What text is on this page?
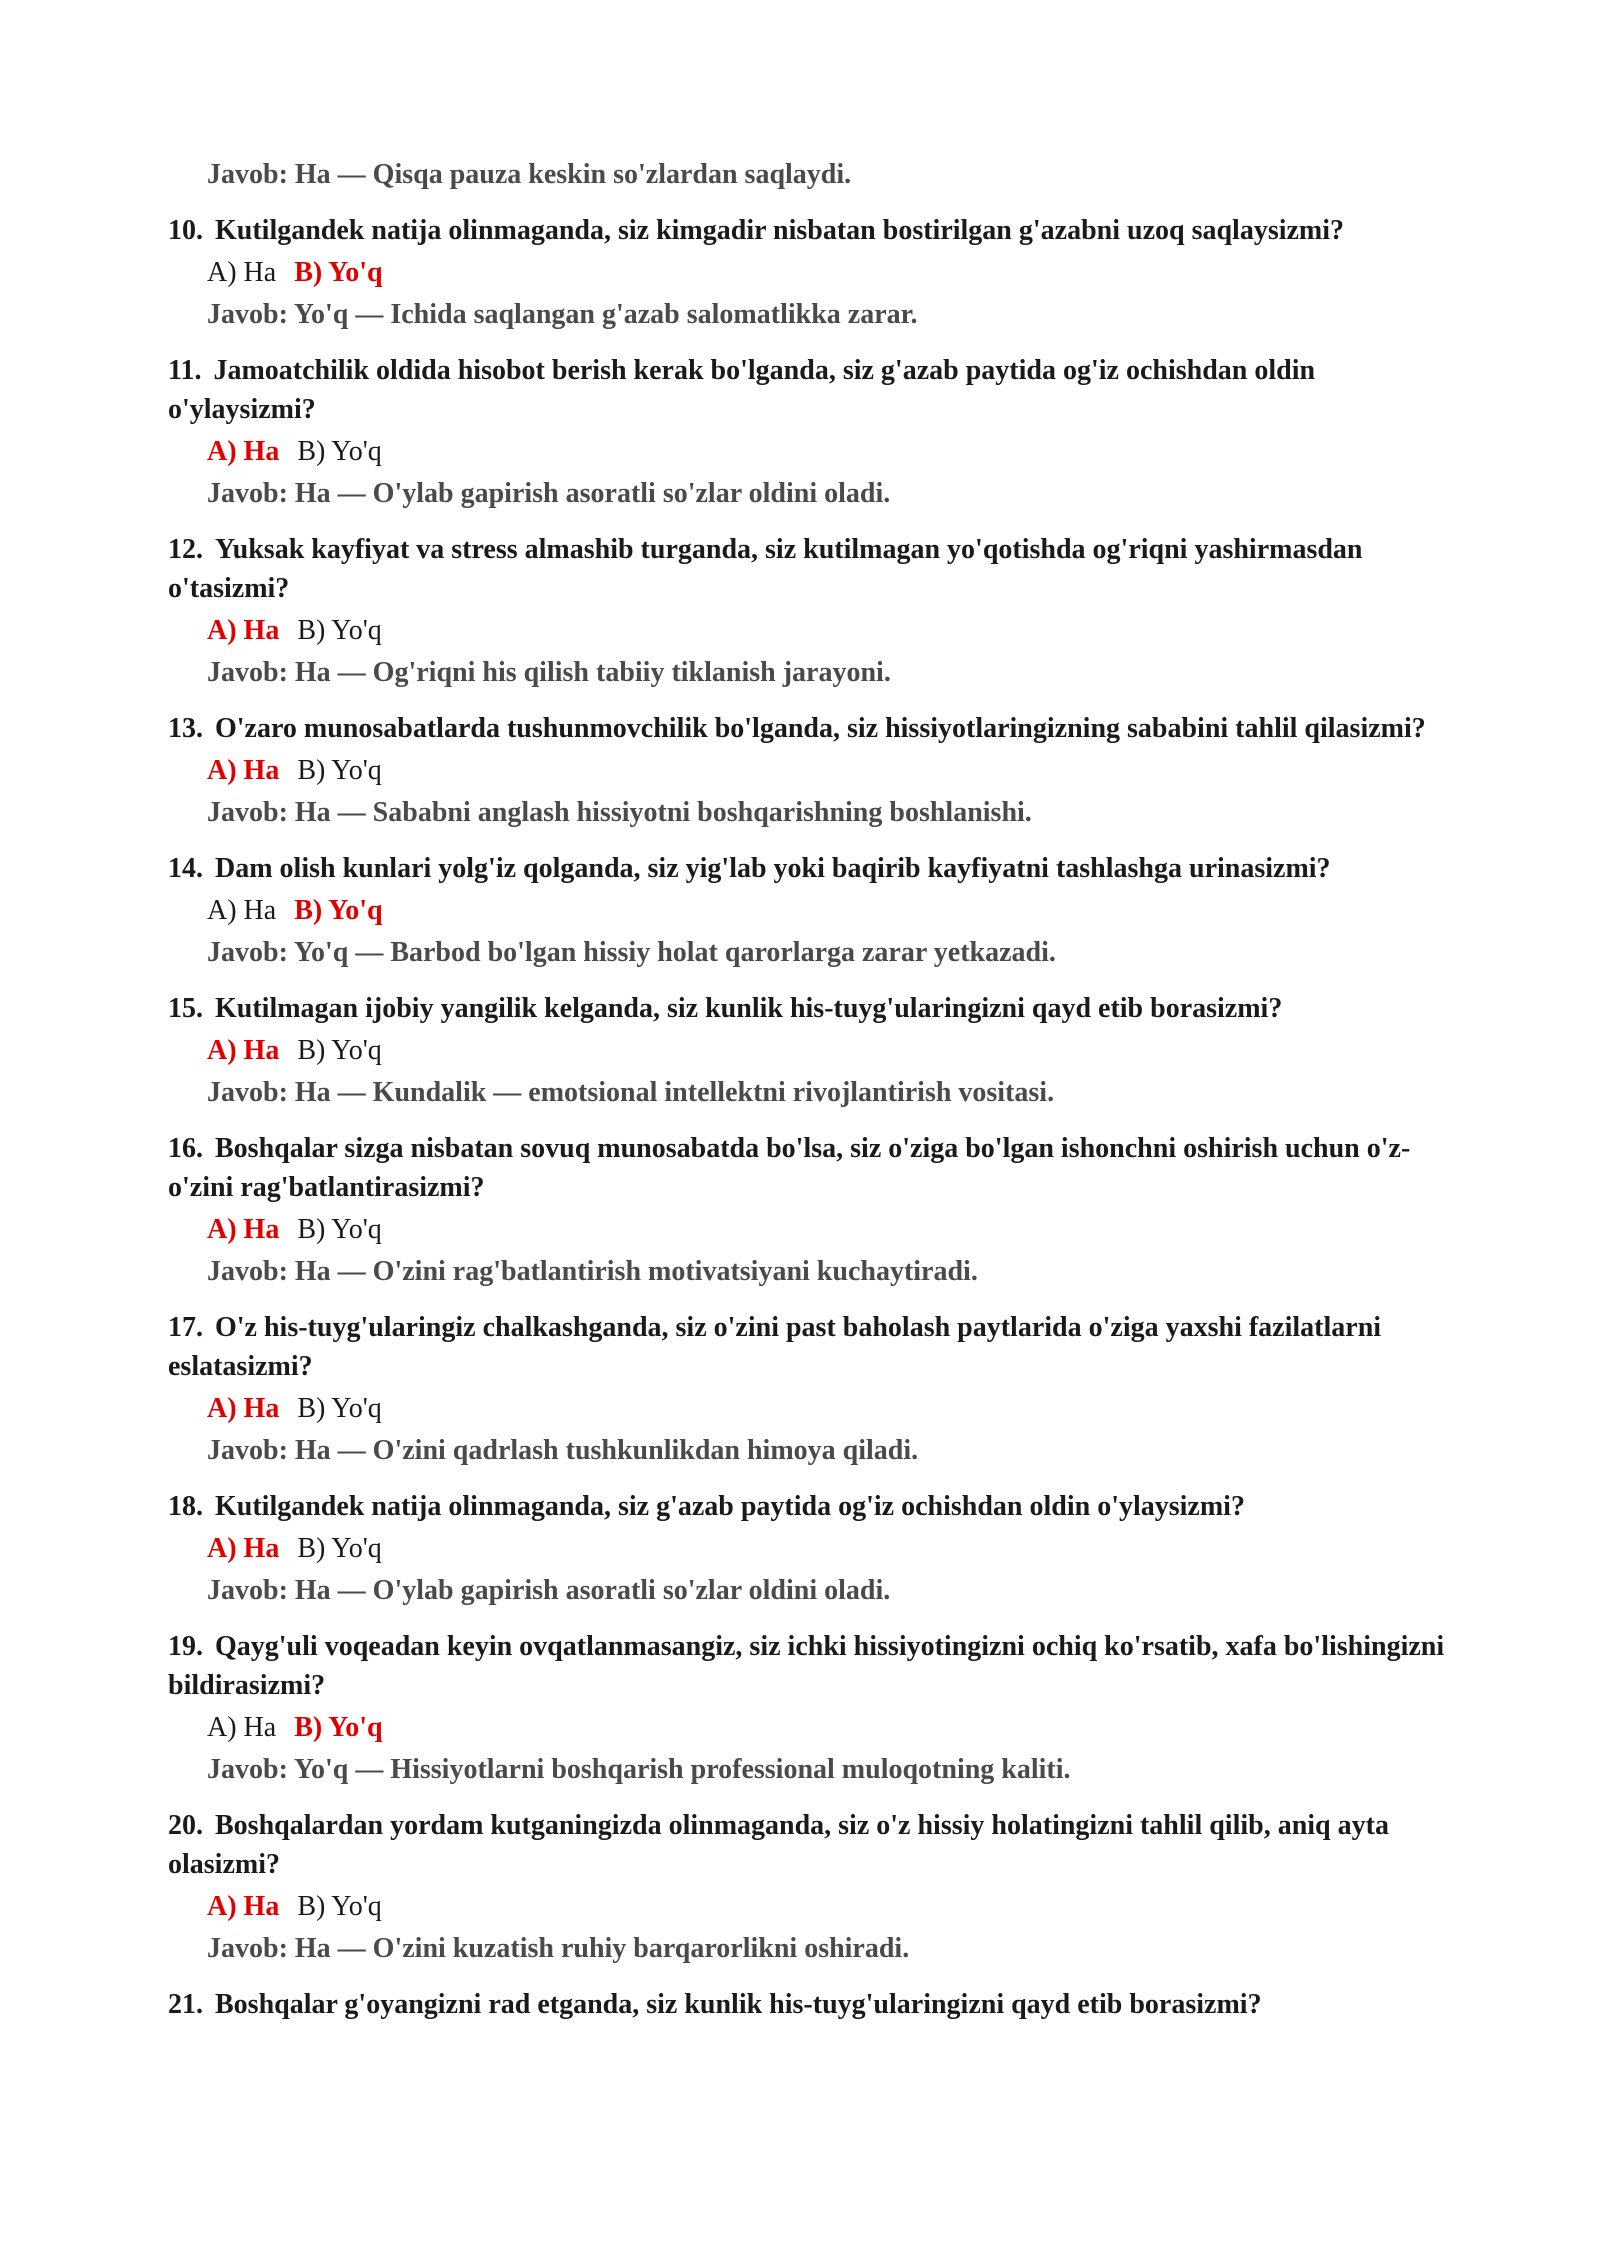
Javob: Ha — Qisqa pauza keskin so'zlardan saqlaydi.
10. Kutilgandek natija olinmaganda, siz kimgadir nisbatan bostirilgan g'azabni uzoq saqlaysizmi?
A) Ha B) Yo'q
Javob: Yo'q — Ichida saqlangan g'azab salomatlikka zarar.
11. Jamoatchilik oldida hisobot berish kerak bo'lganda, siz g'azab paytida og'iz ochishdan oldin o'ylaysizmi?
A) Ha B) Yo'q
Javob: Ha — O'ylab gapirish asoratli so'zlar oldini oladi.
12. Yuksak kayfiyat va stress almashib turganda, siz kutilmagan yo'qotishda og'riqni yashirmasdan o'tasizmi?
A) Ha B) Yo'q
Javob: Ha — Og'riqni his qilish tabiiy tiklanish jarayoni.
13. O'zaro munosabatlarda tushunmovchilik bo'lganda, siz hissiyotlaringizning sababini tahlil qilasizmi?
A) Ha B) Yo'q
Javob: Ha — Sababni anglash hissiyotni boshqarishning boshlanishi.
14. Dam olish kunlari yolg'iz qolganda, siz yig'lab yoki baqirib kayfiyatni tashlashga urinasizmi?
A) Ha B) Yo'q
Javob: Yo'q — Barbod bo'lgan hissiy holat qarorlarga zarar yetkazadi.
15. Kutilmagan ijobiy yangilik kelganda, siz kunlik his-tuyg'ularingizni qayd etib borasizmi?
A) Ha B) Yo'q
Javob: Ha — Kundalik — emotsional intellektni rivojlantirish vositasi.
16. Boshqalar sizga nisbatan sovuq munosabatda bo'lsa, siz o'ziga bo'lgan ishonchni oshirish uchun o'z-o'zini rag'batlantirasizmi?
A) Ha B) Yo'q
Javob: Ha — O'zini rag'batlantirish motivatsiyani kuchaytiradi.
17. O'z his-tuyg'ularingiz chalkashganda, siz o'zini past baholash paytlarida o'ziga yaxshi fazilatlarni eslatasizmi?
A) Ha B) Yo'q
Javob: Ha — O'zini qadrlash tushkunlikdan himoya qiladi.
18. Kutilgandek natija olinmaganda, siz g'azab paytida og'iz ochishdan oldin o'ylaysizmi?
A) Ha B) Yo'q
Javob: Ha — O'ylab gapirish asoratli so'zlar oldini oladi.
19. Qayg'uli voqeadan keyin ovqatlanmasangiz, siz ichki hissiyotingizni ochiq ko'rsatib, xafa bo'lishingizni bildirasizmi?
A) Ha B) Yo'q
Javob: Yo'q — Hissiyotlarni boshqarish professional muloqotning kaliti.
20. Boshqalardan yordam kutganingizda olinmaganda, siz o'z hissiy holatingizni tahlil qilib, aniq ayta olasizmi?
A) Ha B) Yo'q
Javob: Ha — O'zini kuzatish ruhiy barqarorlikni oshiradi.
21. Boshqalar g'oyangizni rad etganda, siz kunlik his-tuyg'ularingizni qayd etib borasizmi?
